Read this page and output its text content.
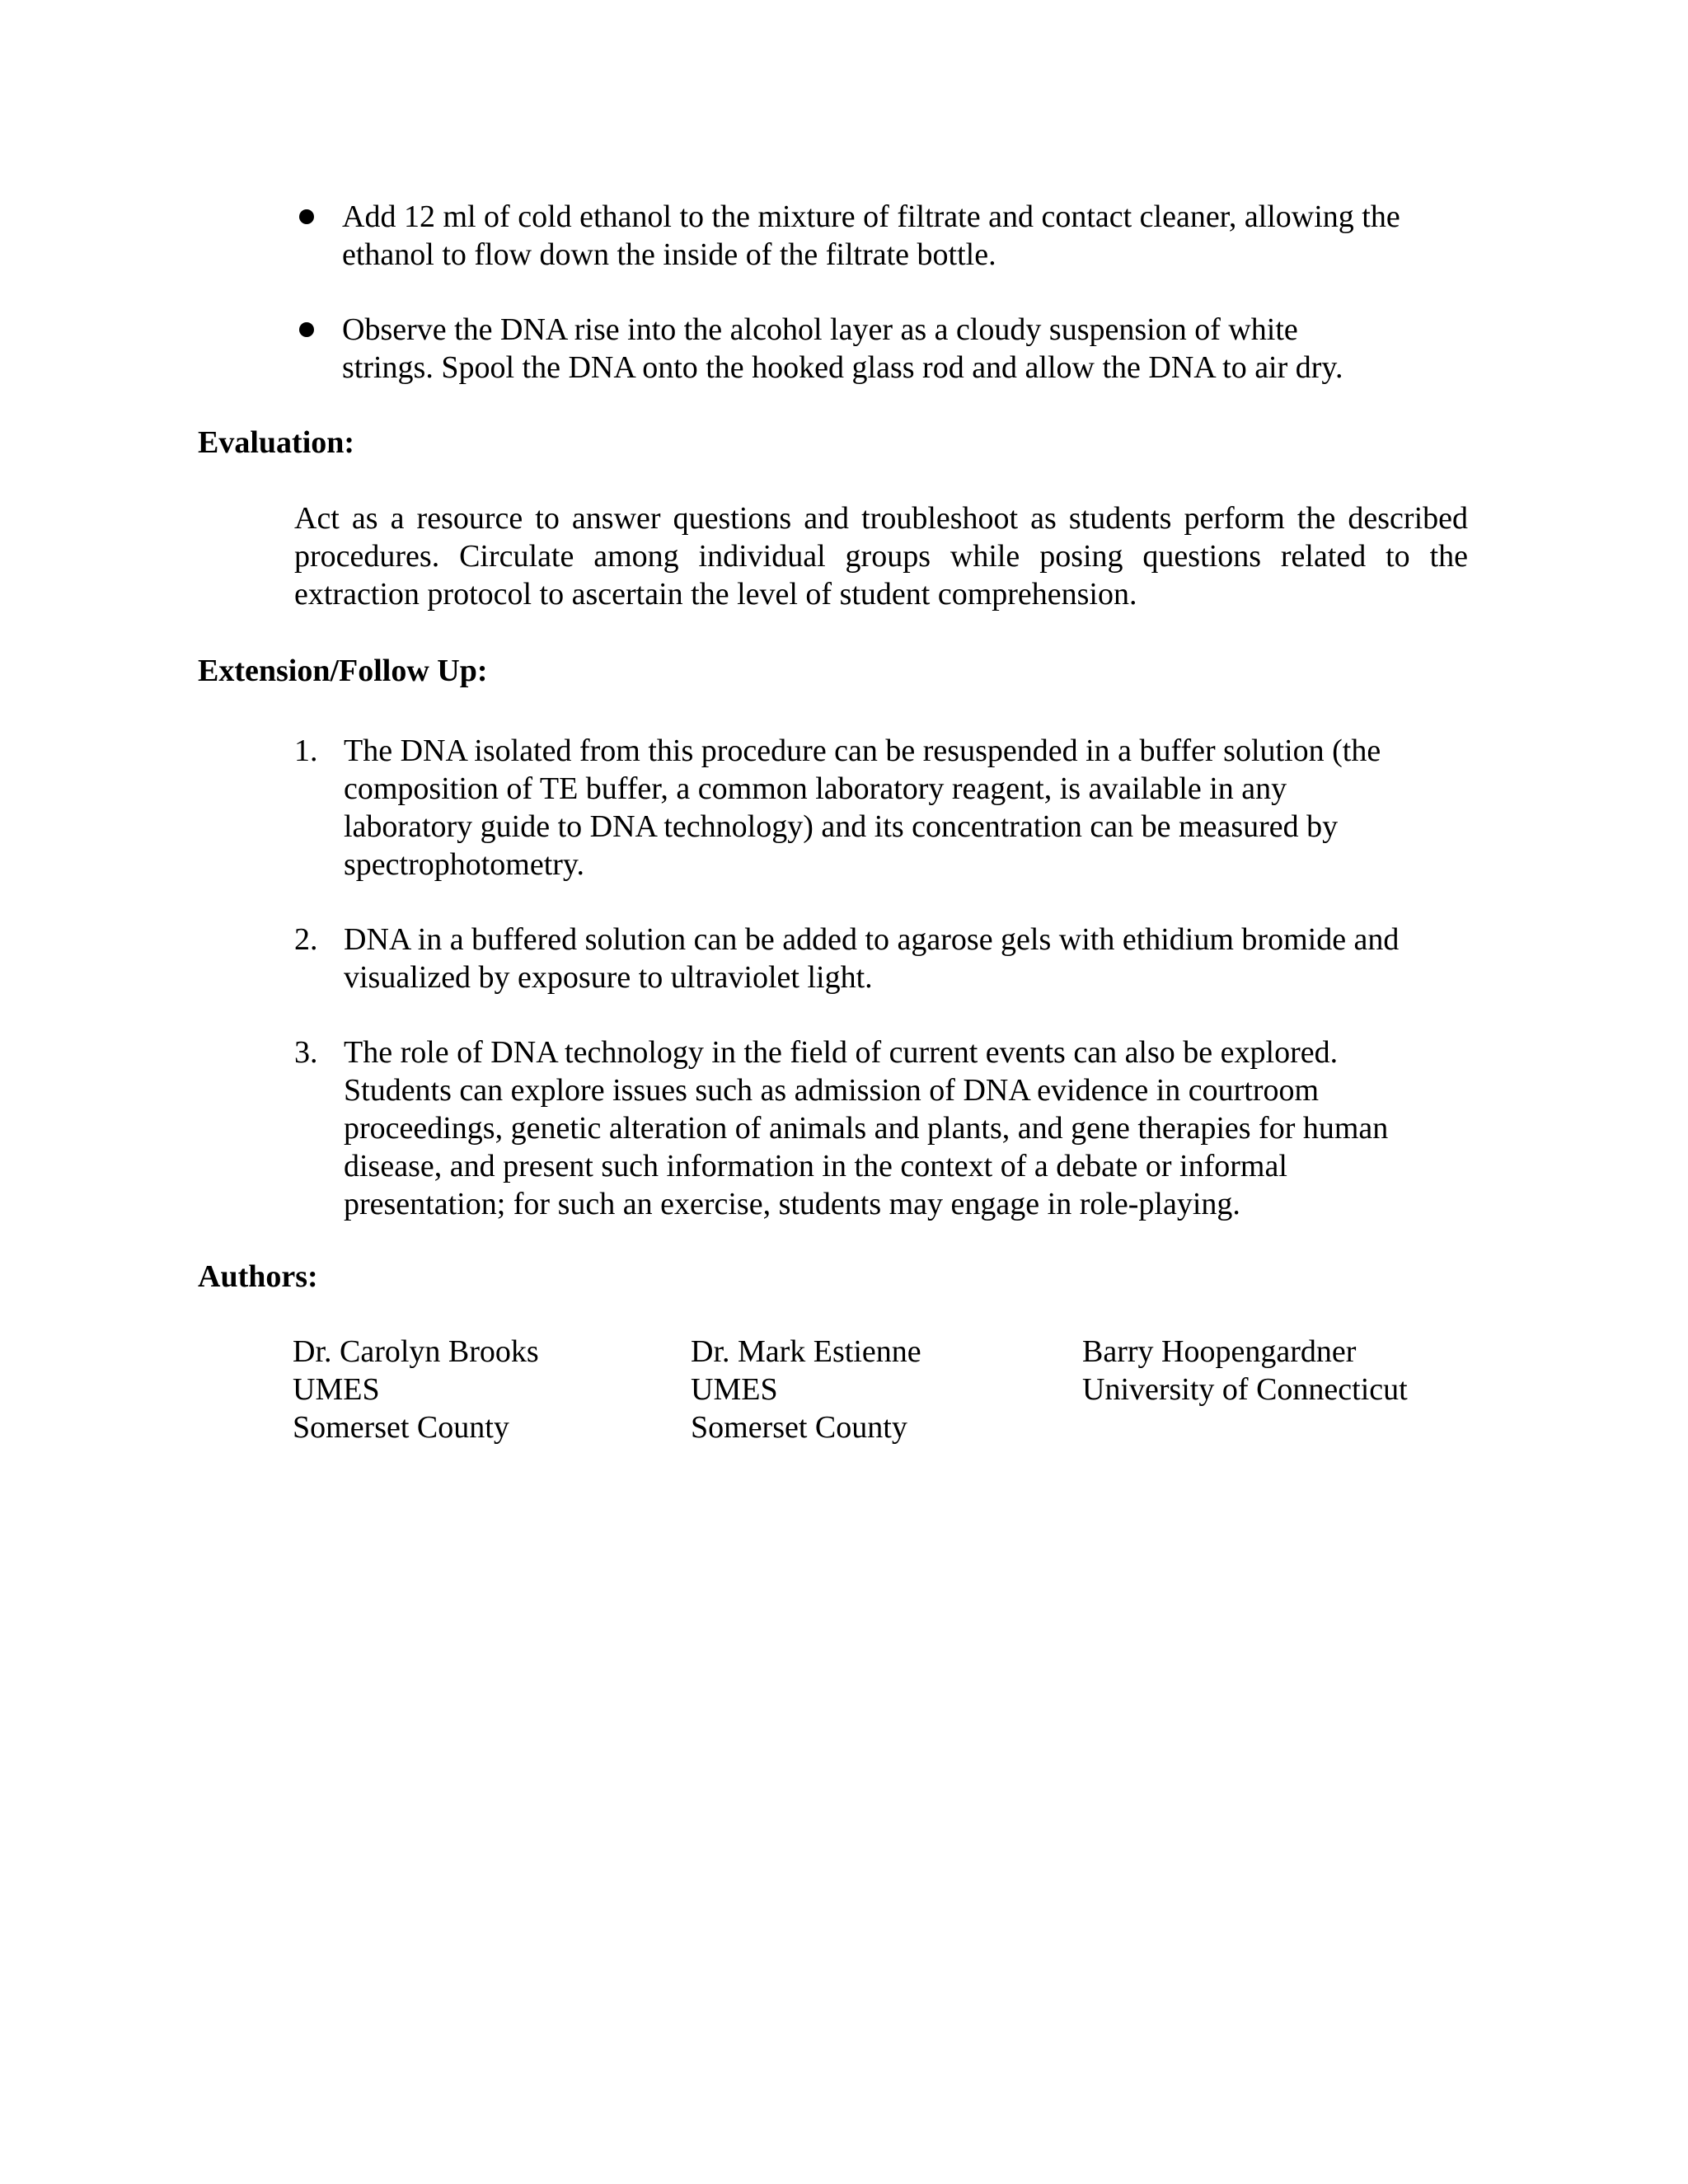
Add 12 ml of cold ethanol to the mixture of filtrate and contact cleaner, allowing the
ethanol to flow down the inside of the filtrate bottle.
Observe the DNA rise into the alcohol layer as a cloudy suspension of white
strings. Spool the DNA onto the hooked glass rod and allow the DNA to air dry.
Evaluation:

Act as a resource to answer questions and troubleshoot as students perform the described procedures. Circulate among individual groups while posing questions related to the extraction protocol to ascertain the level of student comprehension.

Extension/Follow Up:
1. The DNA isolated from this procedure can be resuspended in a buffer solution (the
composition of TE buffer, a common laboratory reagent, is available in any
laboratory guide to DNA technology) and its concentration can be measured by
spectrophotometry.
2. DNA in a buffered solution can be added to agarose gels with ethidium bromide and
visualized by exposure to ultraviolet light.
3. The role of DNA technology in the field of current events can also be explored.
Students can explore issues such as admission of DNA evidence in courtroom
proceedings, genetic alteration of animals and plants, and gene therapies for human
disease, and present such information in the context of a debate or informal
presentation; for such an exercise, students may engage in role-playing.
Authors:
Dr. Carolyn Brooks
UMES
Somerset County
Dr. Mark Estienne
UMES
Somerset County
Barry Hoopengardner
University of Connecticut
